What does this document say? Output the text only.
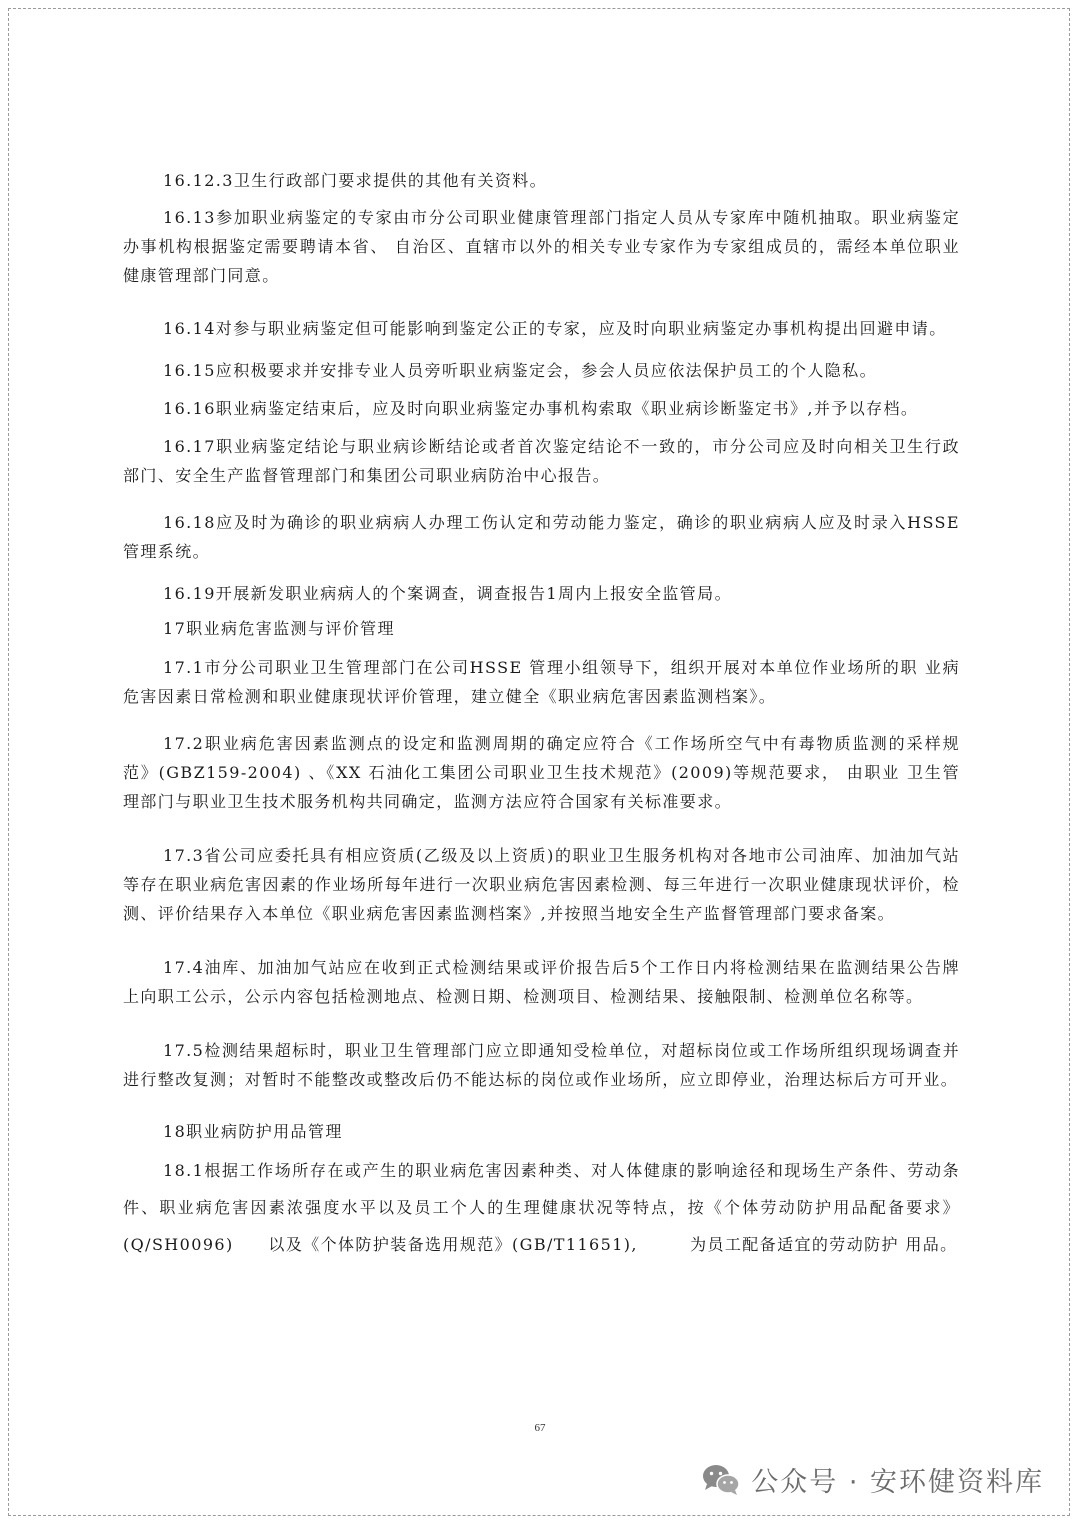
16.12.3卫生行政部门要求提供的其他有关资料。

16.13参加职业病鉴定的专家由市分公司职业健康管理部门指定人员从专家库中随机抽取。职业病鉴定办事机构根据鉴定需要聘请本省、 自治区、直辖市以外的相关专业专家作为专家组成员的，需经本单位职业健康管理部门同意。

16.14对参与职业病鉴定但可能影响到鉴定公正的专家，应及时向职业病鉴定办事机构提出回避申请。

16.15应积极要求并安排专业人员旁听职业病鉴定会，参会人员应依法保护员工的个人隐私。

16.16职业病鉴定结束后，应及时向职业病鉴定办事机构索取《职业病诊断鉴定书》,并予以存档。

16.17职业病鉴定结论与职业病诊断结论或者首次鉴定结论不一致的，市分公司应及时向相关卫生行政部门、安全生产监督管理部门和集团公司职业病防治中心报告。

16.18应及时为确诊的职业病病人办理工伤认定和劳动能力鉴定，确诊的职业病病人应及时录入HSSE 管理系统。

16.19开展新发职业病病人的个案调查，调查报告1周内上报安全监管局。

17职业病危害监测与评价管理

17.1市分公司职业卫生管理部门在公司HSSE 管理小组领导下，组织开展对本单位作业场所的职 业病危害因素日常检测和职业健康现状评价管理，建立健全《职业病危害因素监测档案》。

17.2职业病危害因素监测点的设定和监测周期的确定应符合《工作场所空气中有毒物质监测的采样规范》(GBZ159-2004) 、《XX 石油化工集团公司职业卫生技术规范》(2009)等规范要求， 由职业 卫生管理部门与职业卫生技术服务机构共同确定，监测方法应符合国家有关标准要求。

17.3省公司应委托具有相应资质(乙级及以上资质)的职业卫生服务机构对各地市公司油库、加油加气站等存在职业病危害因素的作业场所每年进行一次职业病危害因素检测、每三年进行一次职业健康现状评价，检测、评价结果存入本单位《职业病危害因素监测档案》,并按照当地安全生产监督管理部门要求备案。

17.4油库、加油加气站应在收到正式检测结果或评价报告后5个工作日内将检测结果在监测结果公告牌上向职工公示，公示内容包括检测地点、检测日期、检测项目、检测结果、接触限制、检测单位名称等。

17.5检测结果超标时，职业卫生管理部门应立即通知受检单位，对超标岗位或工作场所组织现场调查并进行整改复测；对暂时不能整改或整改后仍不能达标的岗位或作业场所，应立即停业，治理达标后方可开业。

18职业病防护用品管理

18.1根据工作场所存在或产生的职业病危害因素种类、对人体健康的影响途径和现场生产条件、劳动条件、职业病危害因素浓强度水平以及员工个人的生理健康状况等特点，按《个体劳动防护用品配备要求》(Q/SH0096)　　以及《个体防护装备选用规范》(GB/T11651),　　　为员工配备适宜的劳动防护 用品。

67
公众号 · 安环健资料库
